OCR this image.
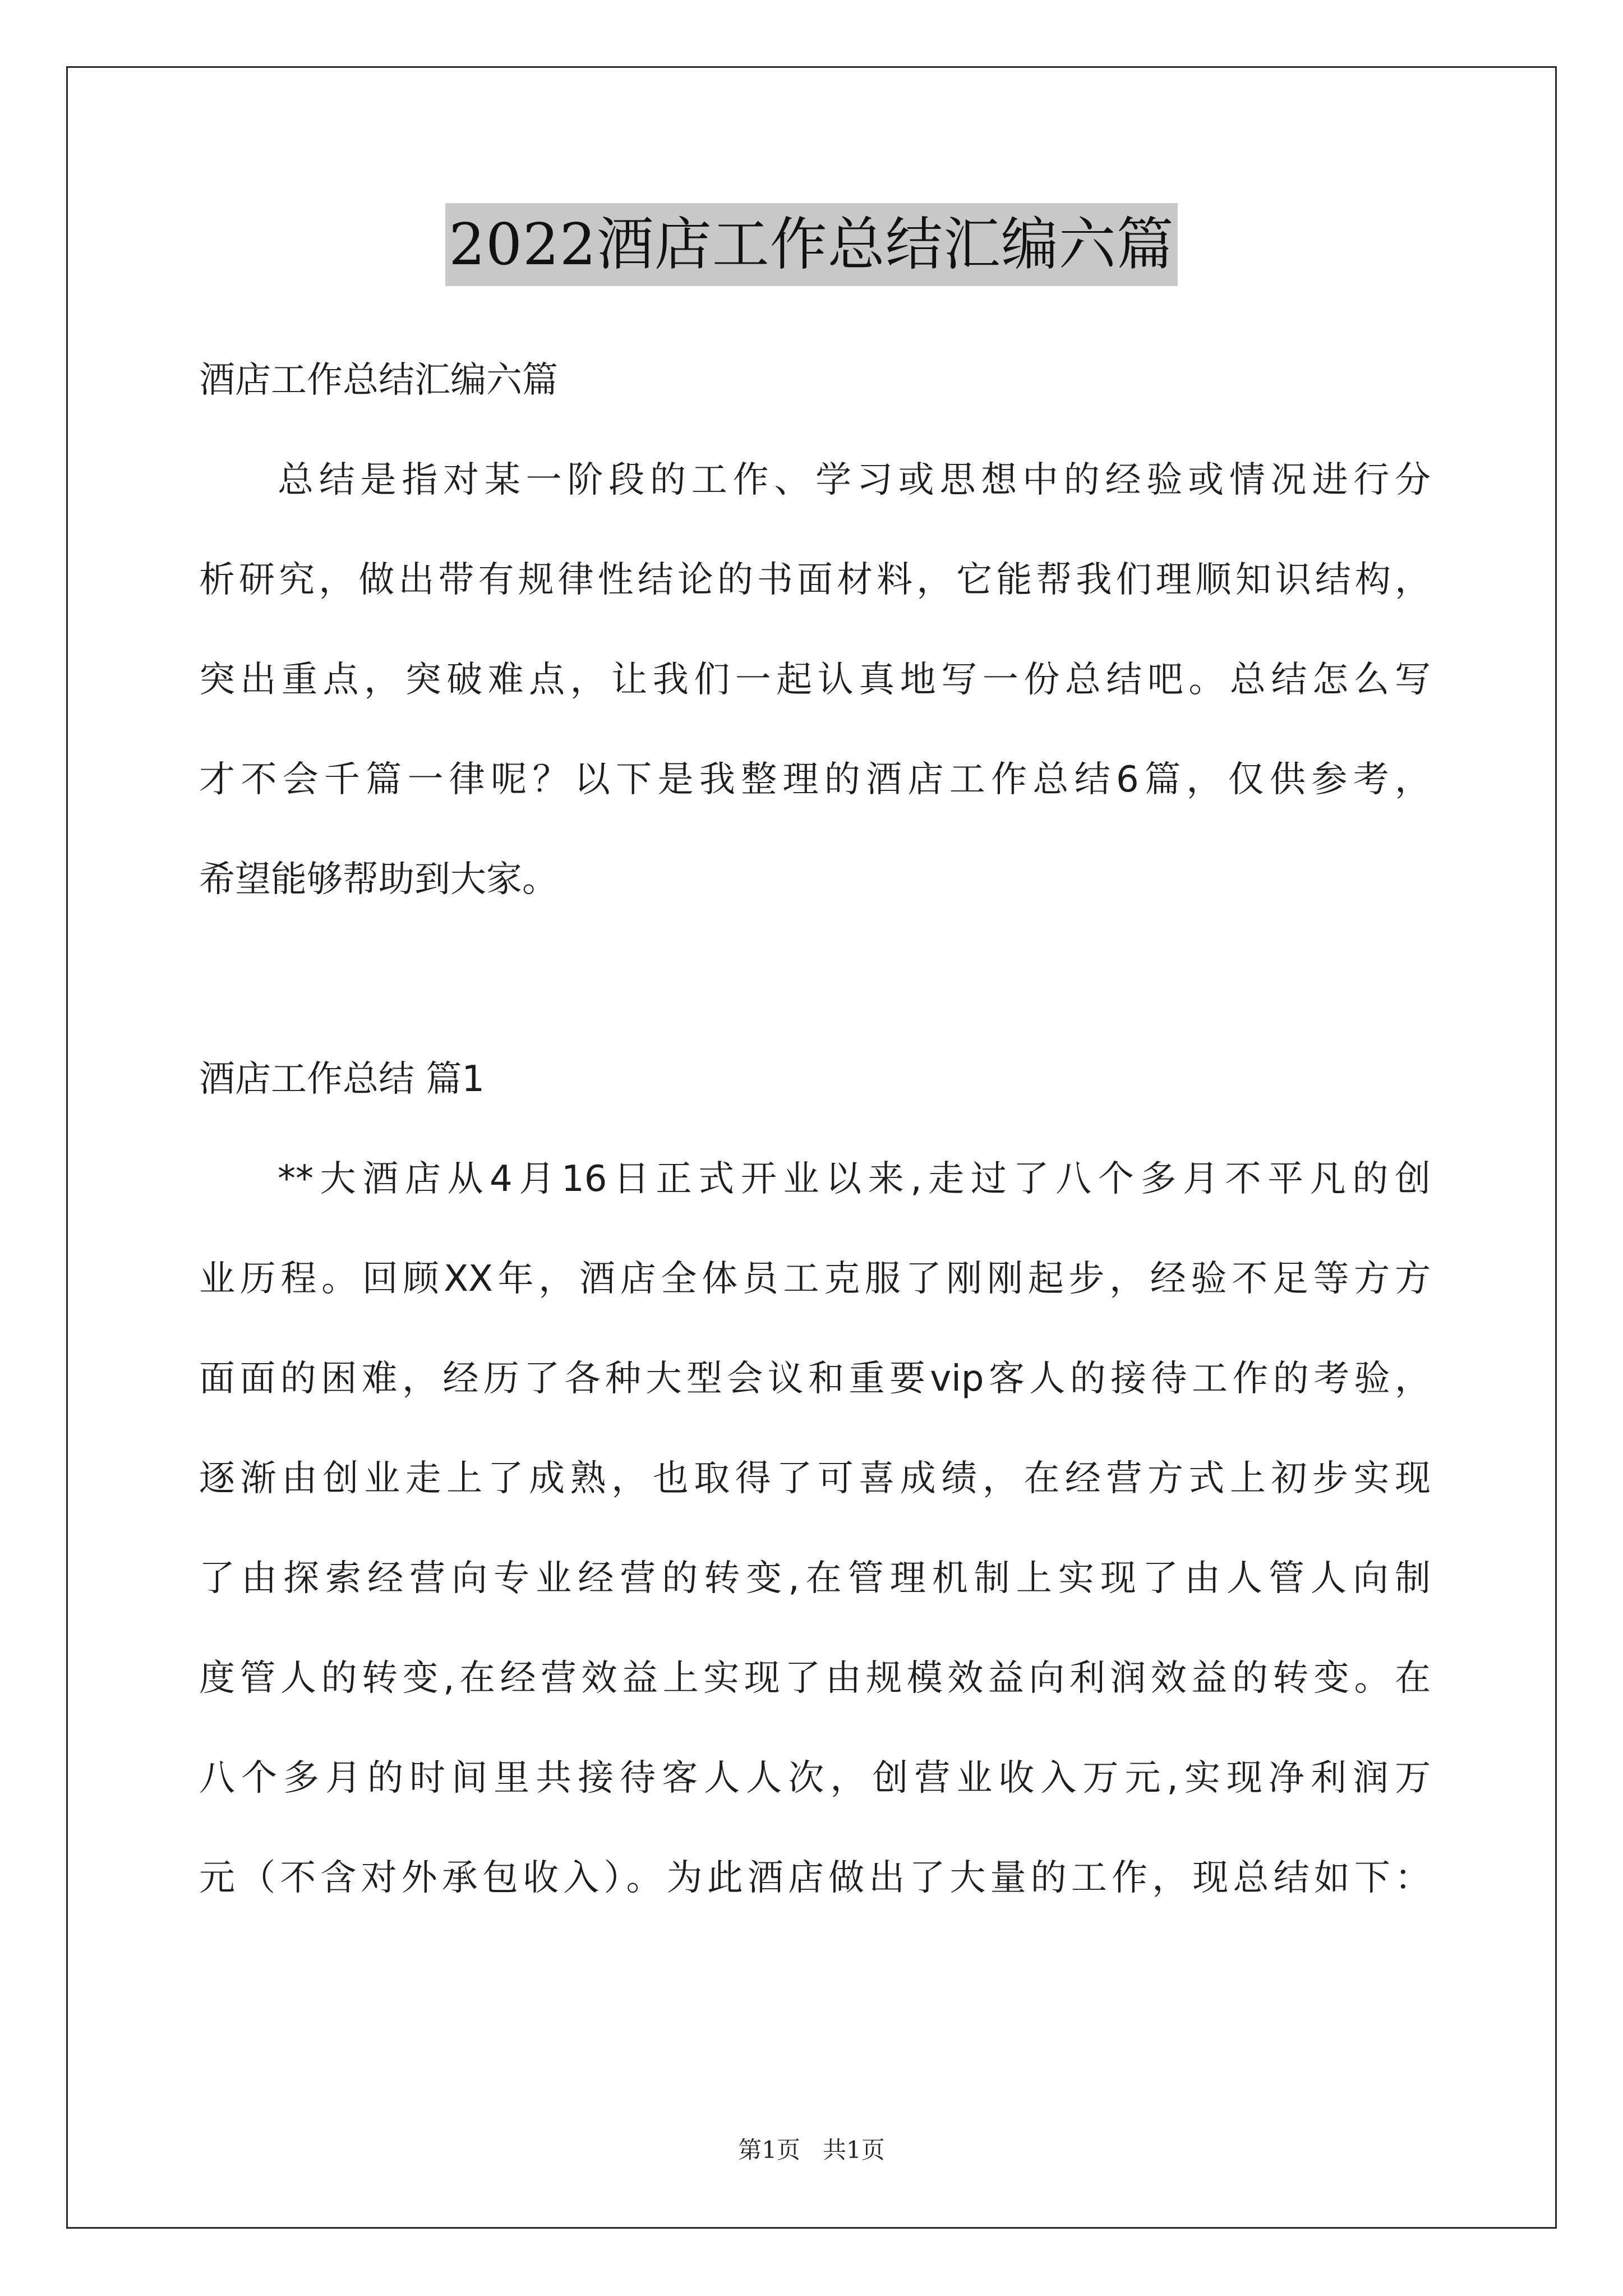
2022酒店工作总结汇编六篇
酒店工作总结汇编六篇
总结是指对某一阶段的工作、学习或思想中的经验或情况进行分
析研究，做出带有规律性结论的书面材料，它能帮我们理顺知识结构，
突出重点，突破难点，让我们一起认真地写一份总结吧。总结怎么写
才不会千篇一律呢？以下是我整理的酒店工作总结6篇，仅供参考，
希望能够帮助到大家。
酒店工作总结 篇1
**大酒店从4月16日正式开业以来,走过了八个多月不平凡的创
业历程。回顾XX年，酒店全体员工克服了刚刚起步，经验不足等方方
面面的困难，经历了各种大型会议和重要vip客人的接待工作的考验，
逐渐由创业走上了成熟，也取得了可喜成绩，在经营方式上初步实现
了由探索经营向专业经营的转变,在管理机制上实现了由人管人向制
度管人的转变,在经营效益上实现了由规模效益向利润效益的转变。在
八个多月的时间里共接待客人人次，创营业收入万元,实现净利润万
元（不含对外承包收入）。为此酒店做出了大量的工作，现总结如下：
第1页   共1页
